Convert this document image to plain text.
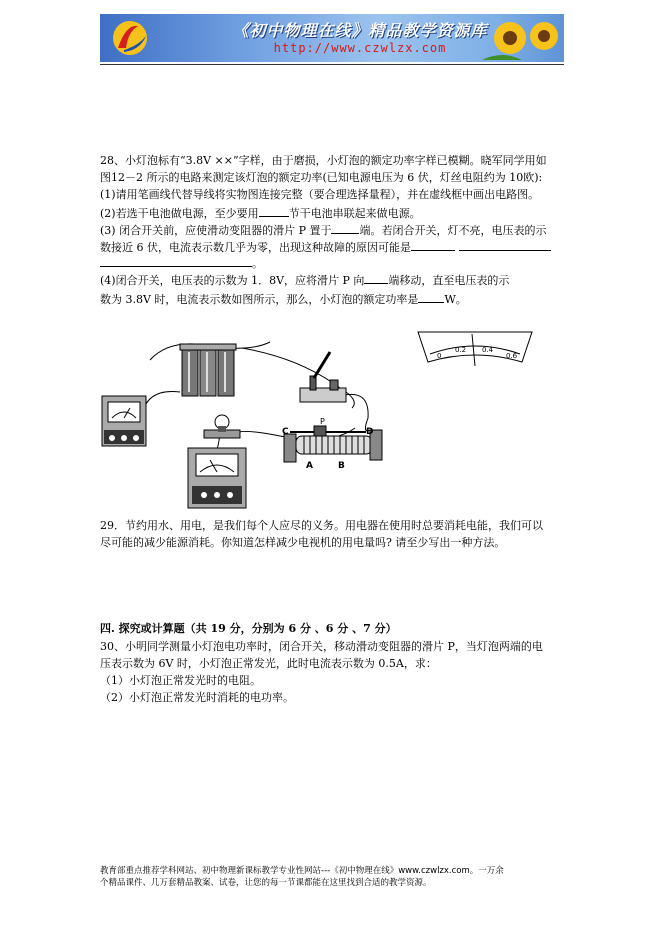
《初中物理在线》精品教学资源库
http://www.czwlzx.com
28、小灯泡标有“3.8V ××”字样，由于磨损，小灯泡的额定功率字样已模糊。晓军同学用如
图12－2 所示的电路来测定该灯泡的额定功率(已知电源电压为 6 伏，灯丝电阻约为 10欧):
(1)请用笔画线代替导线将实物图连接完整（要合理选择量程），并在虚线框中画出电路图。
(2)若选干电池做电源，至少要用	节干电池串联起来做电源。
(3) 闭合开关前，应使滑动变阻器的滑片 P 置于	端。若闭合开关，灯不亮，电压表的示
数接近 6 伏，电流表示数几乎为零，出现这种故障的原因可能是
。
(4)闭合开关，电压表的示数为 1．8V，应将滑片 P 向 端移动，直至电压表的示
数为 3.8V 时，电流表示数如图所示，那么，小灯泡的额定功率是 W。
C	D
A	B
P
0
0.2 0.4
0.6
29．节约用水、用电，是我们每个人应尽的义务。用电器在使用时总要消耗电能，我们可以
尽可能的减少能源消耗。你知道怎样减少电视机的用电量吗? 请至少写出一种方法。
四. 探究或计算题（共 19 分，分别为 6 分 、6 分 、7 分）
30、小明同学测量小灯泡电功率时，闭合开关，移动滑动变阻器的滑片 P，当灯泡两端的电
压表示数为 6V 时，小灯泡正常发光，此时电流表示数为 0.5A，求：
（1）小灯泡正常发光时的电阻。
（2）小灯泡正常发光时消耗的电功率。
教育部重点推荐学科网站、初中物理新课标教学专业性网站---《初中物理在线》www.czwlzx.com。一万余
个精品课件、几万套精品教案、试卷，让您的每一节课都能在这里找到合适的教学资源。
